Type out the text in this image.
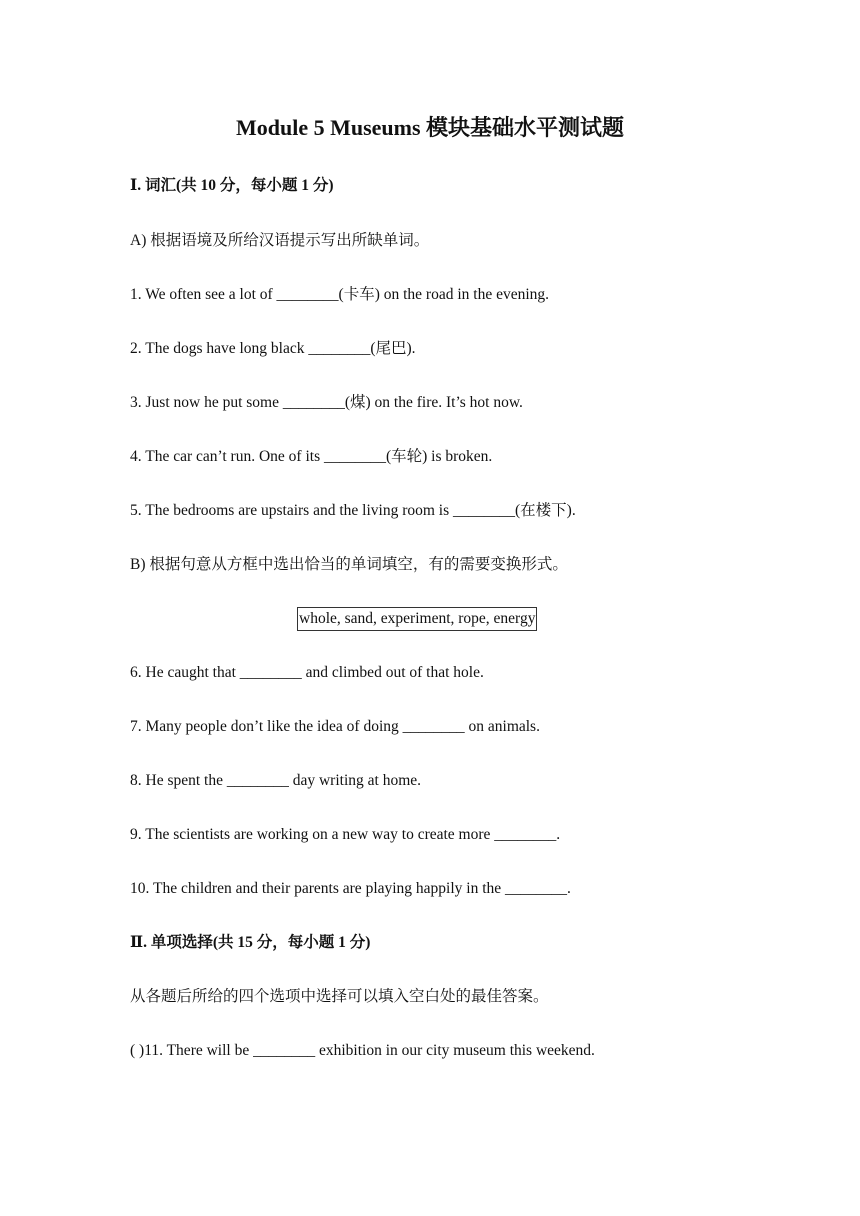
Module 5 Museums 模块基础水平测试题
Ⅰ. 词汇(共 10 分，每小题 1 分)
A) 根据语境及所给汉语提示写出所缺单词。
1. We often see a lot of ________(卡车) on the road in the evening.
2. The dogs have long black ________(尾巴).
3. Just now he put some ________(煤) on the fire. It’s hot now.
4. The car can’t run. One of its ________(车轮) is broken.
5. The bedrooms are upstairs and the living room is ________(在楼下).
B) 根据句意从方框中选出恰当的单词填空，有的需要变换形式。
whole, sand, experiment, rope, energy
6. He caught that ________ and climbed out of that hole.
7. Many people don’t like the idea of doing ________ on animals.
8. He spent the ________ day writing at home.
9. The scientists are working on a new way to create more ________.
10. The children and their parents are playing happily in the ________.
Ⅱ. 单项选择(共 15 分，每小题 1 分)
从各题后所给的四个选项中选择可以填入空白处的最佳答案。
( )11. There will be ________ exhibition in our city museum this weekend.
